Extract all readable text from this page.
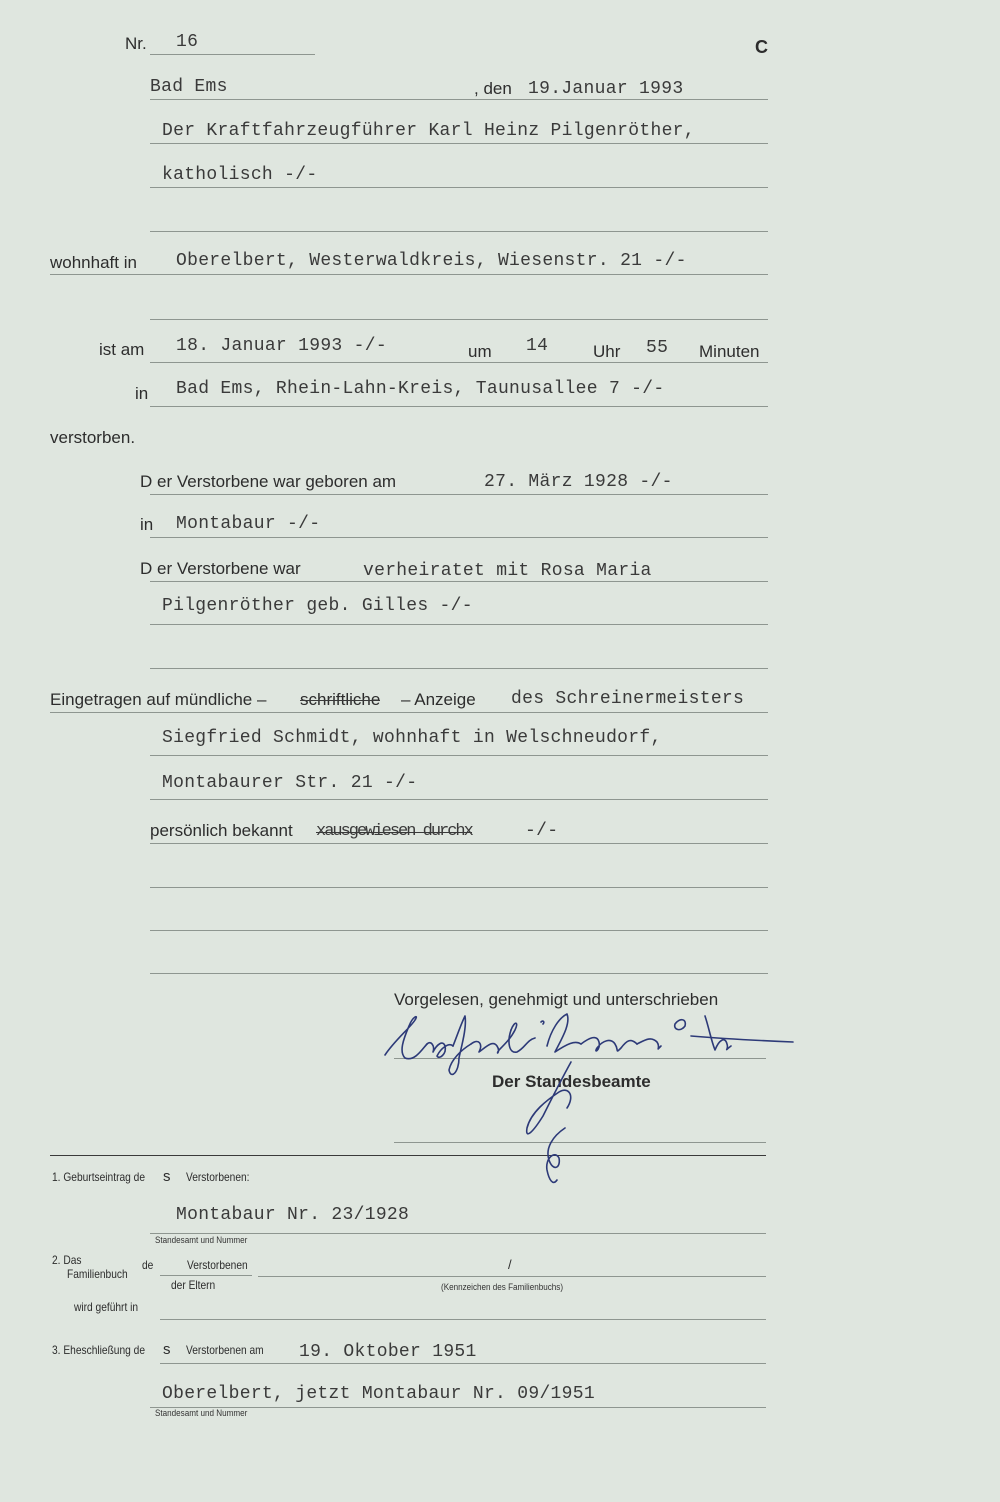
Nr. 16	C
Bad Ems	, den 19.Januar 1993
Der Kraftfahrzeugführer Karl Heinz Pilgenröther,
katholisch -/-
wohnhaft in Oberelbert, Westerwaldkreis, Wiesenstr. 21 -/-
ist am 18. Januar 1993 -/-	um 14	Uhr 55 Minuten
in Bad Ems, Rhein-Lahn-Kreis, Taunusallee 7 -/-
verstorben.
D er Verstorbene war geboren am	27. März 1928 -/-
in Montabaur -/-
D er Verstorbene war	verheiratet mit Rosa Maria
Pilgenröther geb. Gilles -/-
Eingetragen auf mündliche – schriftliche – Anzeige des Schreinermeisters
Siegfried Schmidt, wohnhaft in Welschneudorf,
Montabaurer Str. 21 -/-
persönlich bekannt xausgewiesen durchx	-/-
Vorgelesen, genehmigt und unterschrieben
Der Standesbeamte
1. Geburtseintrag de s Verstorbenen:
Montabaur Nr. 23/1928
Standesamt und Nummer
2. Das
Familienbuch
de	Verstorbenen
der Eltern
/
(Kennzeichen des Familienbuchs)
wird geführt in
3. Eheschließung de s Verstorbenen am 19. Oktober 1951
Oberelbert, jetzt Montabaur Nr. 09/1951
Standesamt und Nummer
